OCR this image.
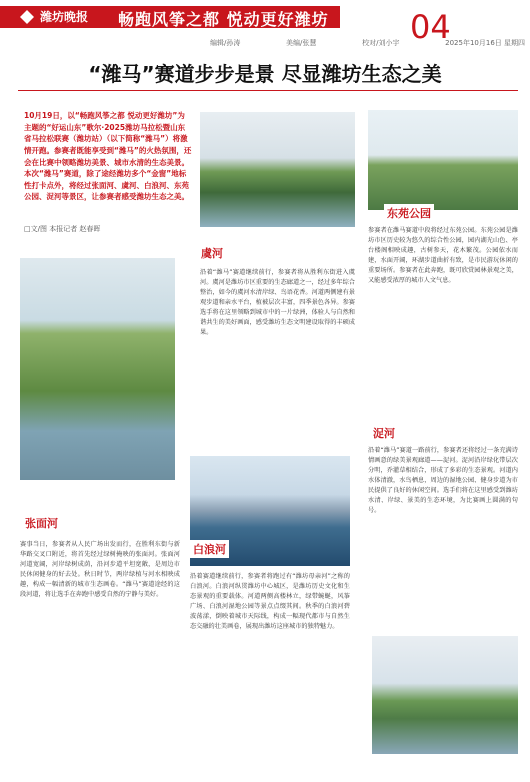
潍坊晚报 畅跑风筝之都 悦动更好潍坊	04
编辑/孙涛	美编/张慧	校对/刘小宇	2025年10月16日 星期四
“潍马”赛道步步是景 尽显潍坊生态之美
10月19日，以“畅跑风筝之都 悦动更好潍坊”为主题的“好运山东”歌尔·2025潍坊马拉松暨山东省马拉松联赛（潍坊站）（以下简称“潍马”）将激情开跑。参赛者既能享受到“潍马”的火热氛围，还会在比赛中领略潍坊美景、城市水清的生态美景。本次“潍马”赛道，除了途经潍坊多个“金窗”地标性打卡点外，将经过张面河、虞河、白浪河、东苑公园、浞河等景区，让参赛者感受潍坊生态之美。
□文/图 本报记者 赵春晖
张面河
虞河
白浪河
东苑公园
浞河
赛事当日，参赛者从人民广场出发而行，在胜利东街与新华路交叉口附近，将首先经过绿树掩映的张面河。张面河河道宽阔，河岸绿树成荫，沿河步道平坦宽敞，是周边市民休闲健身的好去处。秋日时节，两岸绿植与河水相映成趣，构成一幅清新的城市生态画卷。“潍马”赛道途经的这段河道，将让选手在奔跑中感受自然的宁静与美好。
沿着“潍马”赛道继续前行，参赛者将从胜利东街进入虞河。虞河是潍坊市区重要的生态廊道之一，经过多年综合整治，如今的虞河水清岸绿、鸟语花香。河道两侧建有景观步道和亲水平台，植被层次丰富，四季景色各异。参赛选手将在这里领略到城市中的一片绿洲，体验人与自然和谐共生的美好画面，感受潍坊生态文明建设取得的丰硕成果。
沿着赛道继续前行，参赛者将跑过有“潍坊母亲河”之称的白浪河。白浪河纵贯潍坊中心城区，是潍坊历史文化和生态景观的重要载体。河道两侧高楼林立，绿带蜿蜒，风筝广场、白浪河湿地公园等景点点缀其间。秋季的白浪河碧波荡漾，倒映着城市天际线，构成一幅现代都市与自然生态交融的壮美画卷，展现出潍坊这座城市的独特魅力。
参赛者在潍马赛道中段将经过东苑公园。东苑公园是潍坊市区历史较为悠久的综合性公园，园内湖光山色、亭台楼阁相映成趣，古树参天，花木繁茂。公园依水而建，水面开阔，环湖步道曲折有致，是市民游玩休闲的重要场所。参赛者在此奔跑，既可欣赏园林景观之美，又能感受浓厚的城市人文气息。
沿着“潍马”赛道一路前行，参赛者还将经过一条充满诗情画意的绿美景观廊道——浞河。浞河沿岸绿化带层次分明，乔灌草相结合，形成了多彩的生态景观。河道内水体清澈，水鸟栖息，周边的湿地公园、健身步道为市民提供了良好的休闲空间。选手们将在这里感受到潍坊水清、岸绿、景美的生态环境，为比赛画上圆满的句号。
